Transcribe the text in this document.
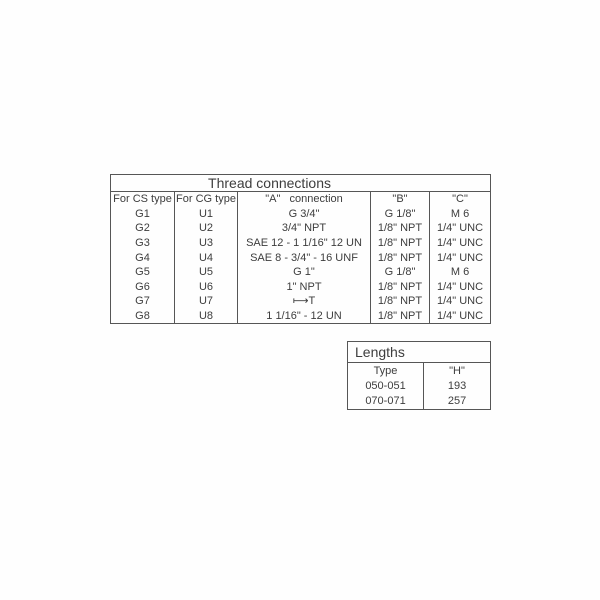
Thread connections				
For CS type	For CG type	"A"   connection	"B"	"C"
G1	U1	G 3/4"	G 1/8"	M 6
G2	U2	3/4" NPT	1/8" NPT	1/4" UNC
G3	U3	SAE 12 - 1 1/16" 12 UN	1/8" NPT	1/4" UNC
G4	U4	SAE 8 - 3/4" - 16 UNF	1/8" NPT	1/4" UNC
G5	U5	G 1"	G 1/8"	M 6
G6	U6	1" NPT	1/8" NPT	1/4" UNC
G7	U7	⟼T	1/8" NPT	1/4" UNC
G8	U8	1 1/16" - 12 UN	1/8" NPT	1/4" UNC
Lengths	
Type	"H"
050-051	193
070-071	257
